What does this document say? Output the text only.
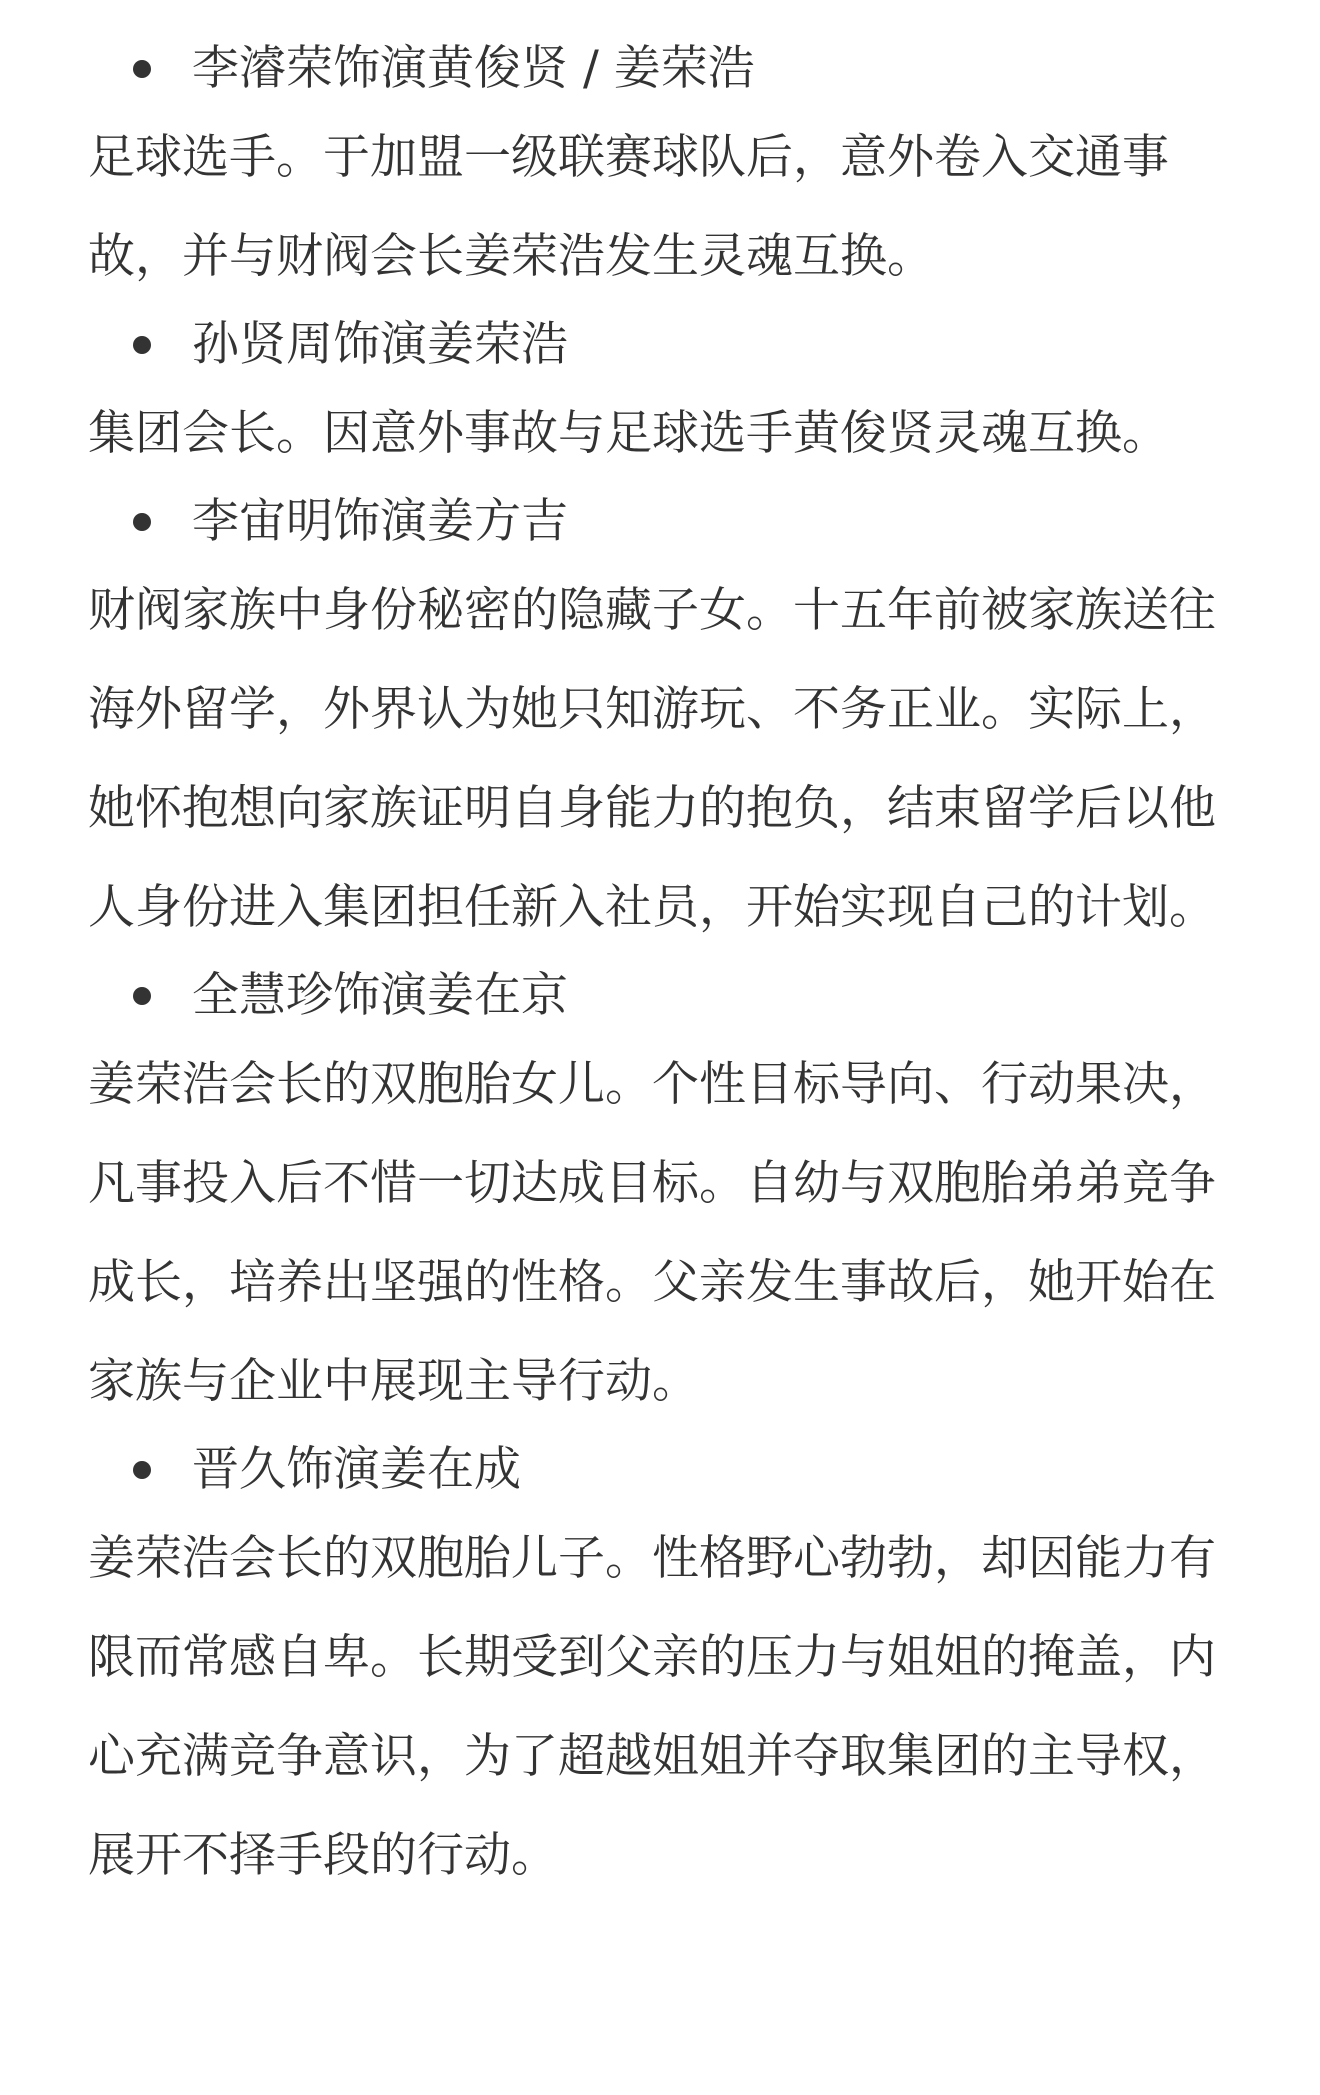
李濬荣饰演黄俊贤 / 姜荣浩

足球选手。于加盟一级联赛球队后，意外卷入交通事故，并与财阀会长姜荣浩发生灵魂互换。

孙贤周饰演姜荣浩

集团会长。因意外事故与足球选手黄俊贤灵魂互换。

李宙明饰演姜方吉

财阀家族中身份秘密的隐藏子女。十五年前被家族送往海外留学，外界认为她只知游玩、不务正业。实际上，她怀抱想向家族证明自身能力的抱负，结束留学后以他人身份进入集团担任新入社员，开始实现自己的计划。

全慧珍饰演姜在京

姜荣浩会长的双胞胎女儿。个性目标导向、行动果决，凡事投入后不惜一切达成目标。自幼与双胞胎弟弟竞争成长，培养出坚强的性格。父亲发生事故后，她开始在家族与企业中展现主导行动。

晋久饰演姜在成

姜荣浩会长的双胞胎儿子。性格野心勃勃，却因能力有限而常感自卑。长期受到父亲的压力与姐姐的掩盖，内心充满竞争意识，为了超越姐姐并夺取集团的主导权，展开不择手段的行动。
